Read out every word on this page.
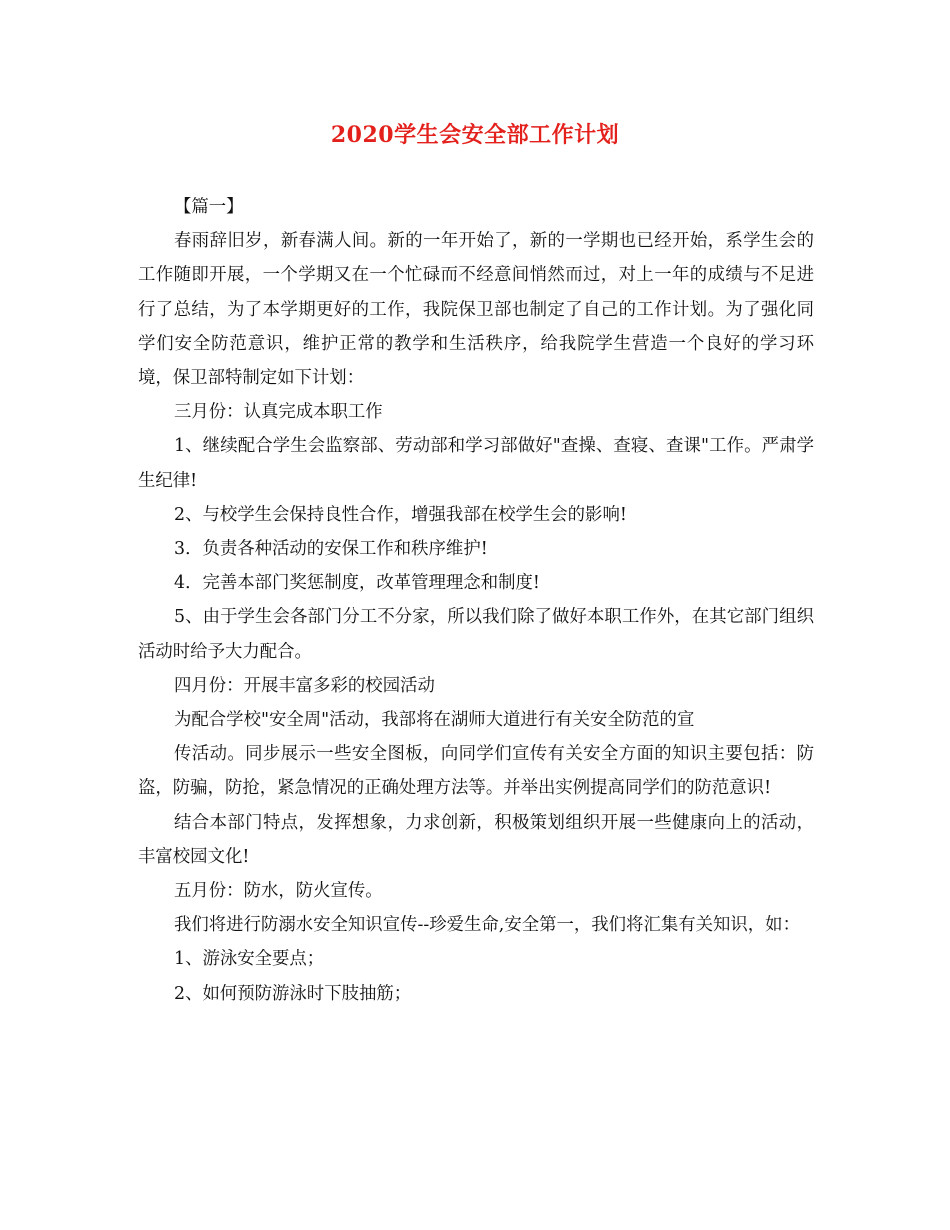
2020学生会安全部工作计划

【篇一】

春雨辞旧岁，新春满人间。新的一年开始了，新的一学期也已经开始，系学生会的工作随即开展，一个学期又在一个忙碌而不经意间悄然而过，对上一年的成绩与不足进行了总结，为了本学期更好的工作，我院保卫部也制定了自己的工作计划。为了强化同学们安全防范意识，维护正常的教学和生活秩序，给我院学生营造一个良好的学习环境，保卫部特制定如下计划：

三月份：认真完成本职工作

1、继续配合学生会监察部、劳动部和学习部做好"查操、查寝、查课"工作。严肃学生纪律!

2、与校学生会保持良性合作，增强我部在校学生会的影响!

3．负责各种活动的安保工作和秩序维护!

4．完善本部门奖惩制度，改革管理理念和制度!

5、由于学生会各部门分工不分家，所以我们除了做好本职工作外，在其它部门组织活动时给予大力配合。

四月份：开展丰富多彩的校园活动

为配合学校"安全周"活动，我部将在湖师大道进行有关安全防范的宣

传活动。同步展示一些安全图板，向同学们宣传有关安全方面的知识主要包括：防盗，防骗，防抢，紧急情况的正确处理方法等。并举出实例提高同学们的防范意识!

结合本部门特点，发挥想象，力求创新，积极策划组织开展一些健康向上的活动，丰富校园文化!

五月份：防水，防火宣传。

我们将进行防溺水安全知识宣传--珍爱生命,安全第一，我们将汇集有关知识，如：

1、游泳安全要点；

2、如何预防游泳时下肢抽筋；
